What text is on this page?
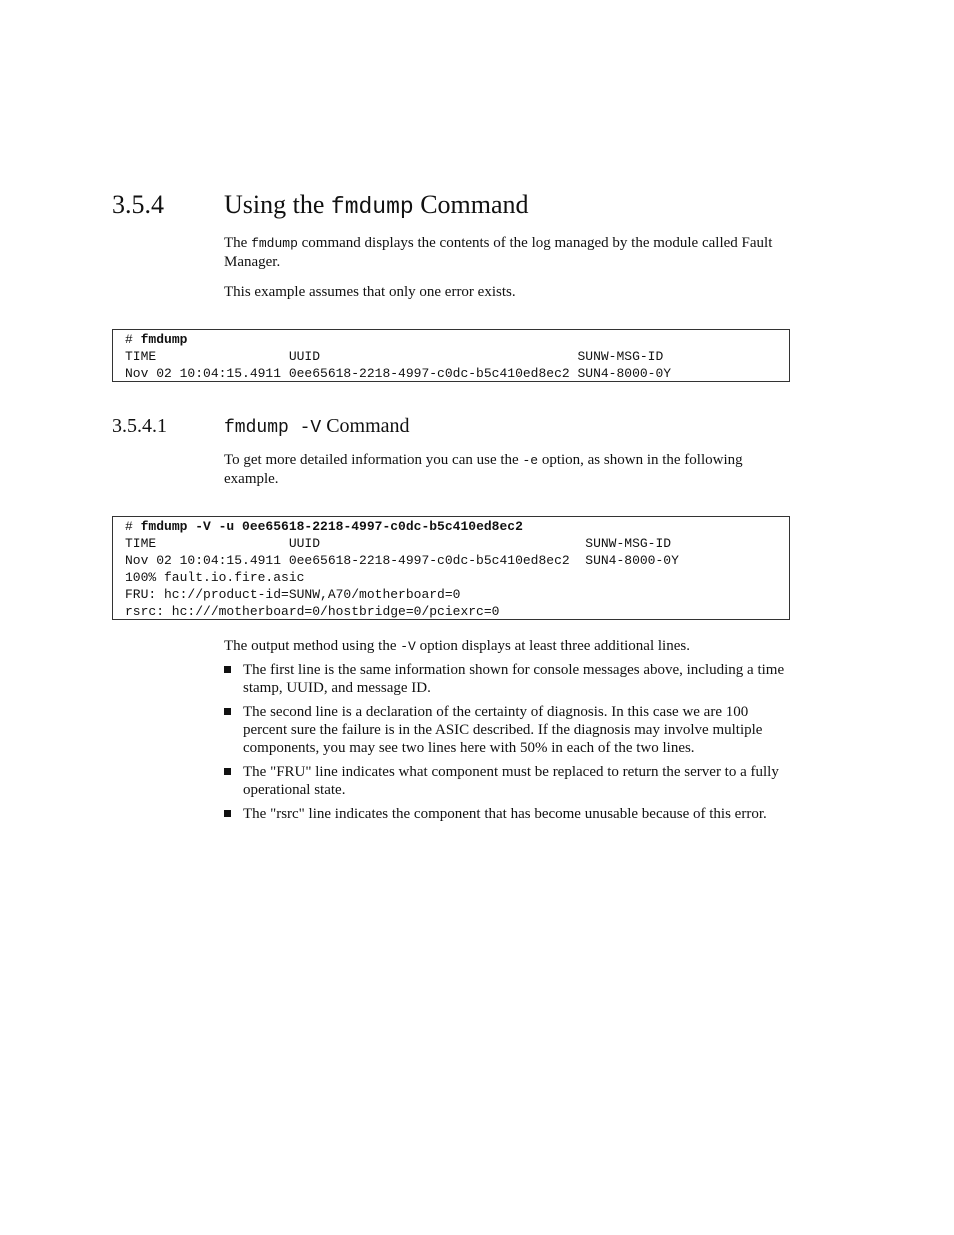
3.5.4 Using the fmdump Command
The fmdump command displays the contents of the log managed by the module called Fault Manager.
This example assumes that only one error exists.
# fmdump
TIME                 UUID                                 SUNW-MSG-ID
Nov 02 10:04:15.4911 0ee65618-2218-4997-c0dc-b5c410ed8ec2 SUN4-8000-0Y
3.5.4.1	fmdump -V Command
To get more detailed information you can use the -e option, as shown in the following example.
# fmdump -V -u 0ee65618-2218-4997-c0dc-b5c410ed8ec2
TIME                 UUID                                  SUNW-MSG-ID
Nov 02 10:04:15.4911 0ee65618-2218-4997-c0dc-b5c410ed8ec2  SUN4-8000-0Y
100% fault.io.fire.asic
FRU: hc://product-id=SUNW,A70/motherboard=0
rsrc: hc:///motherboard=0/hostbridge=0/pciexrc=0
The output method using the -V option displays at least three additional lines.
The first line is the same information shown for console messages above, including a time stamp, UUID, and message ID.
The second line is a declaration of the certainty of diagnosis. In this case we are 100 percent sure the failure is in the ASIC described. If the diagnosis may involve multiple components, you may see two lines here with 50% in each of the two lines.
The "FRU" line indicates what component must be replaced to return the server to a fully operational state.
The "rsrc" line indicates the component that has become unusable because of this error.
